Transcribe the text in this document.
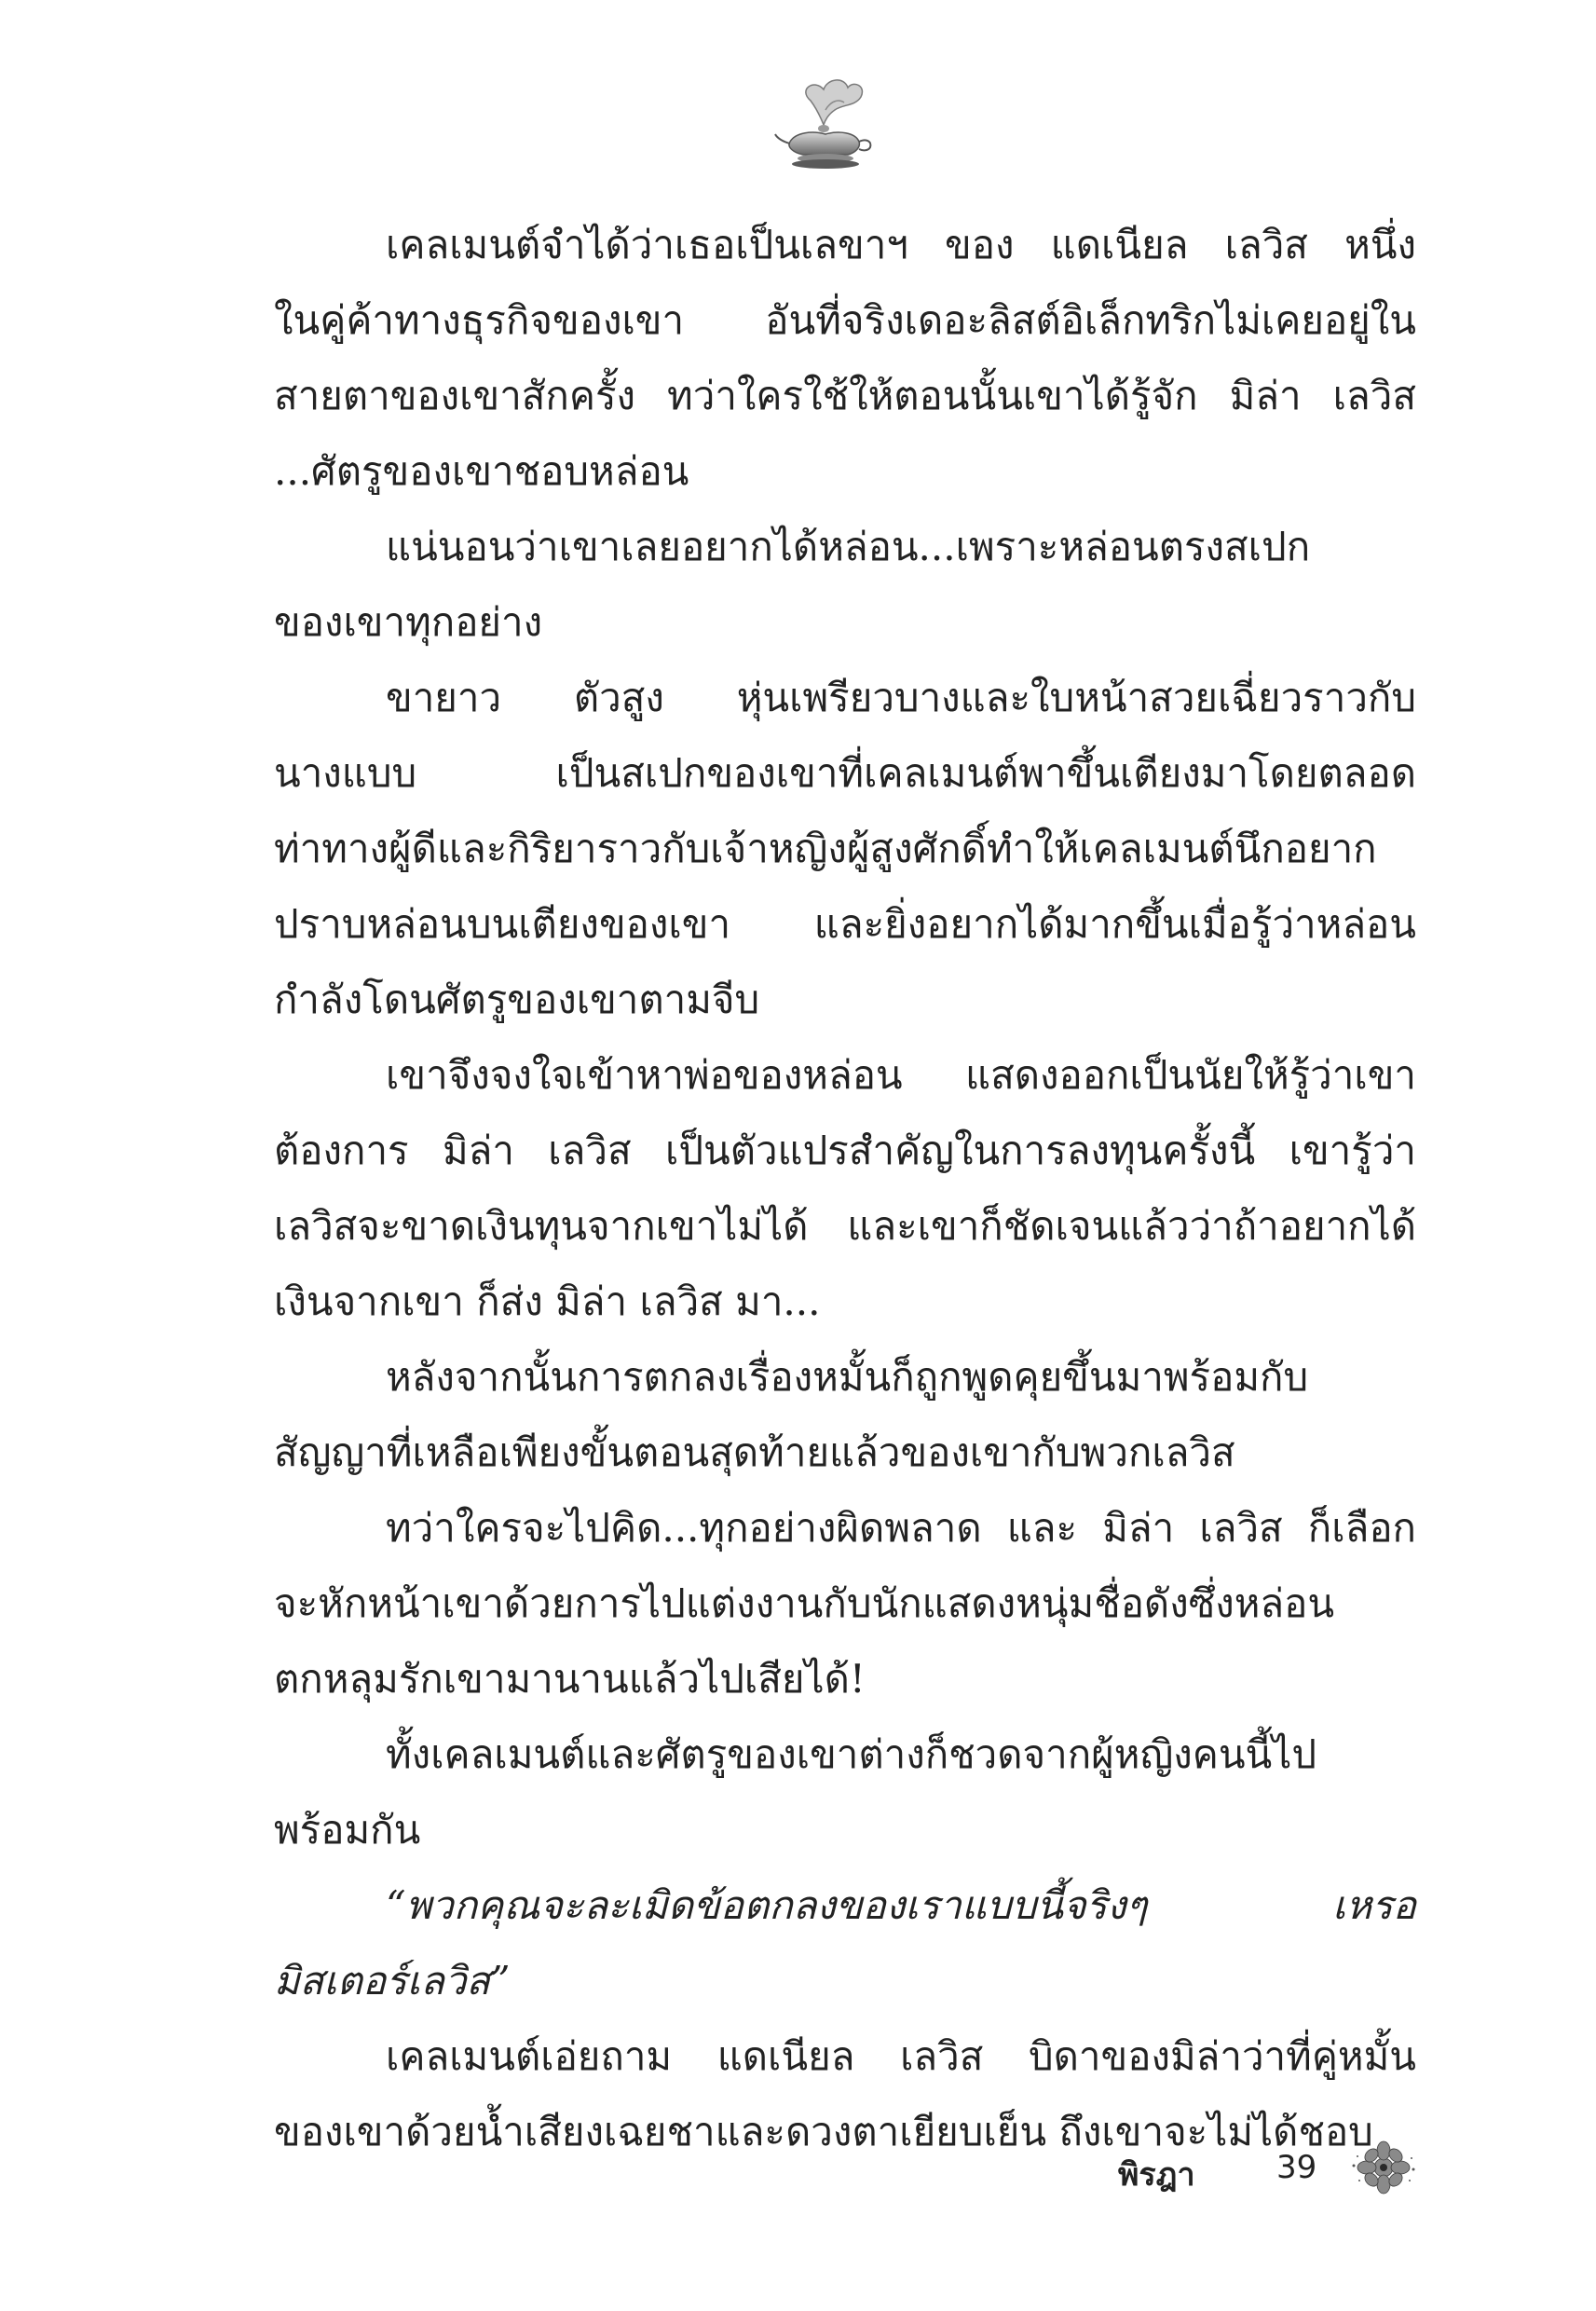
เคลเมนต์จำได้ว่าเธอเป็นเลขาฯ ของ แดเนียล เลวิส หนึ่ง
ในคู่ค้าทางธุรกิจของเขา อันที่จริงเดอะลิสต์อิเล็กทริกไม่เคยอยู่ใน
สายตาของเขาสักครั้ง ทว่าใครใช้ให้ตอนนั้นเขาได้รู้จัก มิล่า เลวิส
...ศัตรูของเขาชอบหล่อน
แน่นอนว่าเขาเลยอยากได้หล่อน...เพราะหล่อนตรงสเปก
ของเขาทุกอย่าง
ขายาว ตัวสูง หุ่นเพรียวบางและใบหน้าสวยเฉี่ยวราวกับ
นางแบบ เป็นสเปกของเขาที่เคลเมนต์พาขึ้นเตียงมาโดยตลอด
ท่าทางผู้ดีและกิริยาราวกับเจ้าหญิงผู้สูงศักดิ์ทำให้เคลเมนต์นึกอยาก
ปราบหล่อนบนเตียงของเขา และยิ่งอยากได้มากขึ้นเมื่อรู้ว่าหล่อน
กำลังโดนศัตรูของเขาตามจีบ
เขาจึงจงใจเข้าหาพ่อของหล่อน แสดงออกเป็นนัยให้รู้ว่าเขา
ต้องการ มิล่า เลวิส เป็นตัวแปรสำคัญในการลงทุนครั้งนี้ เขารู้ว่า
เลวิสจะขาดเงินทุนจากเขาไม่ได้ และเขาก็ชัดเจนแล้วว่าถ้าอยากได้
เงินจากเขา ก็ส่ง มิล่า เลวิส มา...
หลังจากนั้นการตกลงเรื่องหมั้นก็ถูกพูดคุยขึ้นมาพร้อมกับ
สัญญาที่เหลือเพียงขั้นตอนสุดท้ายแล้วของเขากับพวกเลวิส
ทว่าใครจะไปคิด...ทุกอย่างผิดพลาด และ มิล่า เลวิส ก็เลือก
จะหักหน้าเขาด้วยการไปแต่งงานกับนักแสดงหนุ่มชื่อดังซึ่งหล่อน
ตกหลุมรักเขามานานแล้วไปเสียได้!
ทั้งเคลเมนต์และศัตรูของเขาต่างก็ชวดจากผู้หญิงคนนี้ไป
พร้อมกัน
“พวกคุณจะละเมิดข้อตกลงของเราแบบนี้จริงๆ เหรอ
มิสเตอร์เลวิส”
เคลเมนต์เอ่ยถาม แดเนียล เลวิส บิดาของมิล่าว่าที่คู่หมั้น
ของเขาด้วยน้ำเสียงเฉยชาและดวงตาเยียบเย็น ถึงเขาจะไม่ได้ชอบ
พิรฎา	39
